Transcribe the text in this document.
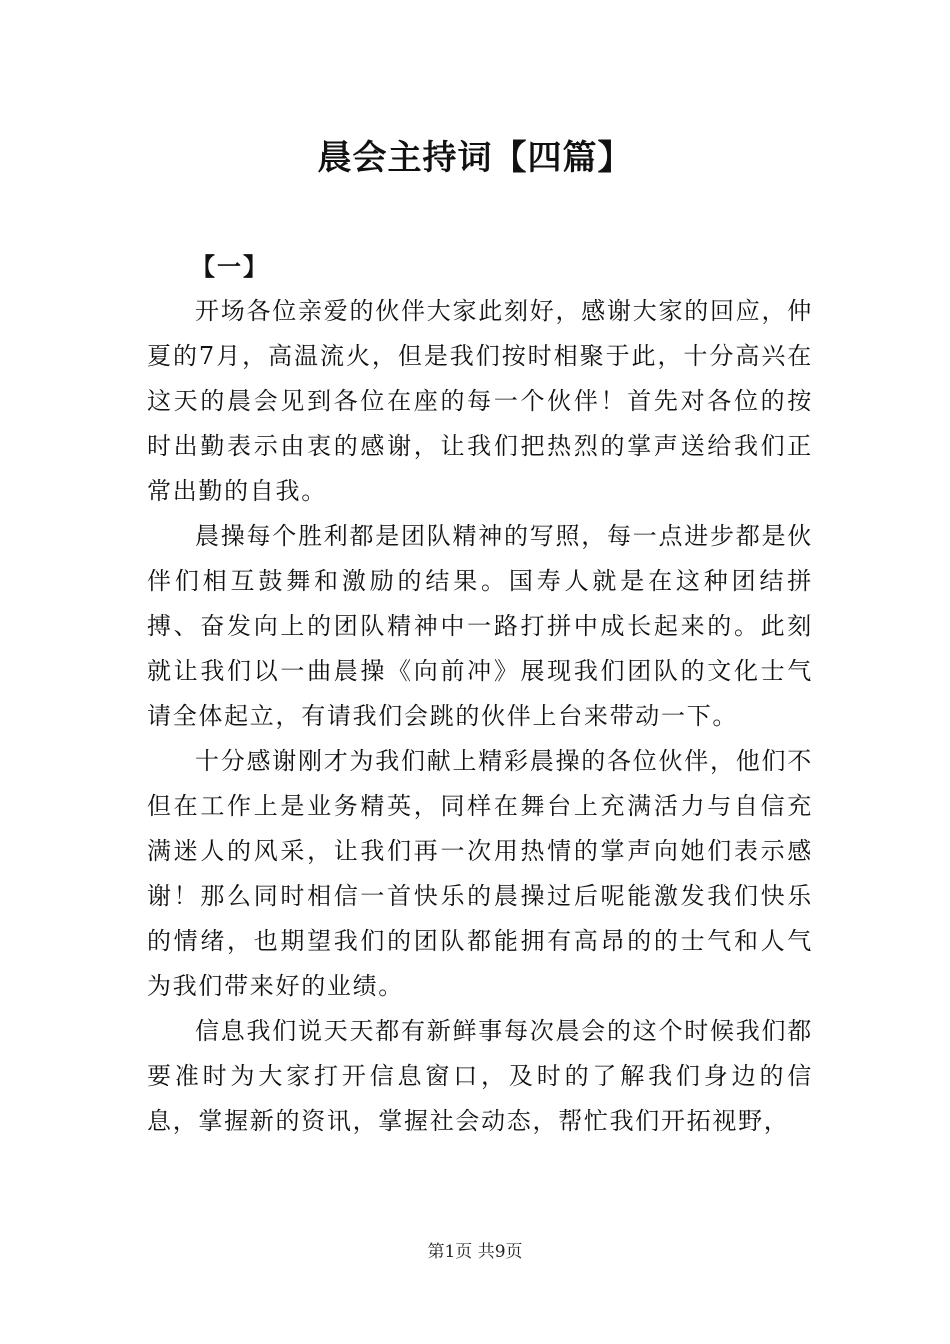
晨会主持词【四篇】

【一】

开场各位亲爱的伙伴大家此刻好，感谢大家的回应，仲夏的7月，高温流火，但是我们按时相聚于此，十分高兴在这天的晨会见到各位在座的每一个伙伴！首先对各位的按时出勤表示由衷的感谢，让我们把热烈的掌声送给我们正常出勤的自我。

晨操每个胜利都是团队精神的写照，每一点进步都是伙伴们相互鼓舞和激励的结果。国寿人就是在这种团结拼搏、奋发向上的团队精神中一路打拼中成长起来的。此刻就让我们以一曲晨操《向前冲》展现我们团队的文化士气请全体起立，有请我们会跳的伙伴上台来带动一下。

十分感谢刚才为我们献上精彩晨操的各位伙伴，他们不但在工作上是业务精英，同样在舞台上充满活力与自信充满迷人的风采，让我们再一次用热情的掌声向她们表示感谢！那么同时相信一首快乐的晨操过后呢能激发我们快乐的情绪，也期望我们的团队都能拥有高昂的的士气和人气为我们带来好的业绩。

信息我们说天天都有新鲜事每次晨会的这个时候我们都要准时为大家打开信息窗口，及时的了解我们身边的信息，掌握新的资讯，掌握社会动态，帮忙我们开拓视野，

第1页 共9页
